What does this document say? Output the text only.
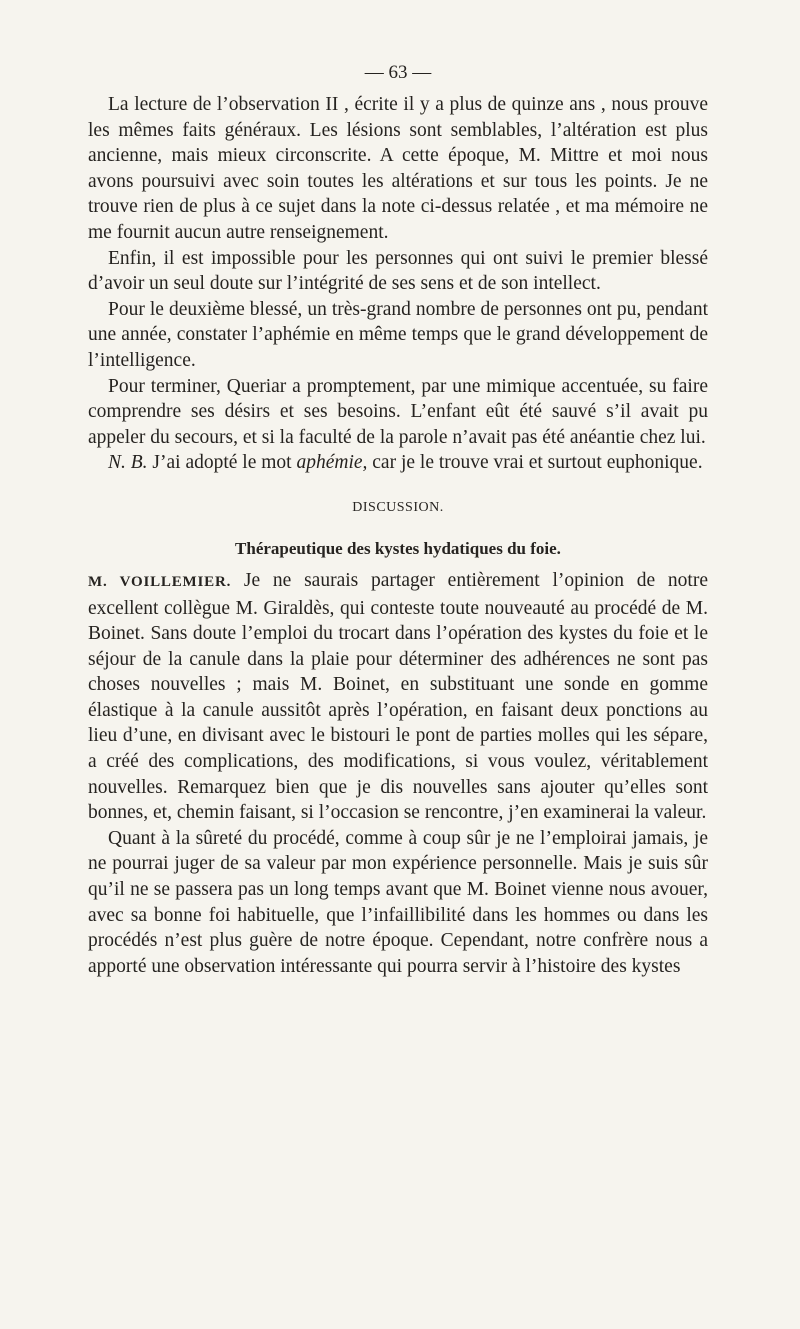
— 63 —

La lecture de l’observation II , écrite il y a plus de quinze ans , nous prouve les mêmes faits généraux. Les lésions sont semblables, l’altération est plus ancienne, mais mieux circonscrite. A cette époque, M. Mittre et moi nous avons poursuivi avec soin toutes les altérations et sur tous les points. Je ne trouve rien de plus à ce sujet dans la note ci-dessus relatée , et ma mémoire ne me fournit aucun autre renseignement.

Enfin, il est impossible pour les personnes qui ont suivi le premier blessé d’avoir un seul doute sur l’intégrité de ses sens et de son intellect.

Pour le deuxième blessé, un très-grand nombre de personnes ont pu, pendant une année, constater l’aphémie en même temps que le grand développement de l’intelligence.

Pour terminer, Queriar a promptement, par une mimique accentuée, su faire comprendre ses désirs et ses besoins. L’enfant eût été sauvé s’il avait pu appeler du secours, et si la faculté de la parole n’avait pas été anéantie chez lui.

N. B. J’ai adopté le mot aphémie, car je le trouve vrai et surtout euphonique.

DISCUSSION.
Thérapeutique des kystes hydatiques du foie.

M. VOILLEMIER. Je ne saurais partager entièrement l’opinion de notre excellent collègue M. Giraldès, qui conteste toute nouveauté au procédé de M. Boinet. Sans doute l’emploi du trocart dans l’opération des kystes du foie et le séjour de la canule dans la plaie pour déterminer des adhérences ne sont pas choses nouvelles ; mais M. Boinet, en substituant une sonde en gomme élastique à la canule aussitôt après l’opération, en faisant deux ponctions au lieu d’une, en divisant avec le bistouri le pont de parties molles qui les sépare, a créé des complications, des modifications, si vous voulez, véritablement nouvelles. Remarquez bien que je dis nouvelles sans ajouter qu’elles sont bonnes, et, chemin faisant, si l’occasion se rencontre, j’en examinerai la valeur.

Quant à la sûreté du procédé, comme à coup sûr je ne l’emploirai jamais, je ne pourrai juger de sa valeur par mon expérience personnelle. Mais je suis sûr qu’il ne se passera pas un long temps avant que M. Boinet vienne nous avouer, avec sa bonne foi habituelle, que l’infaillibilité dans les hommes ou dans les procédés n’est plus guère de notre époque. Cependant, notre confrère nous a apporté une observation intéressante qui pourra servir à l’histoire des kystes
